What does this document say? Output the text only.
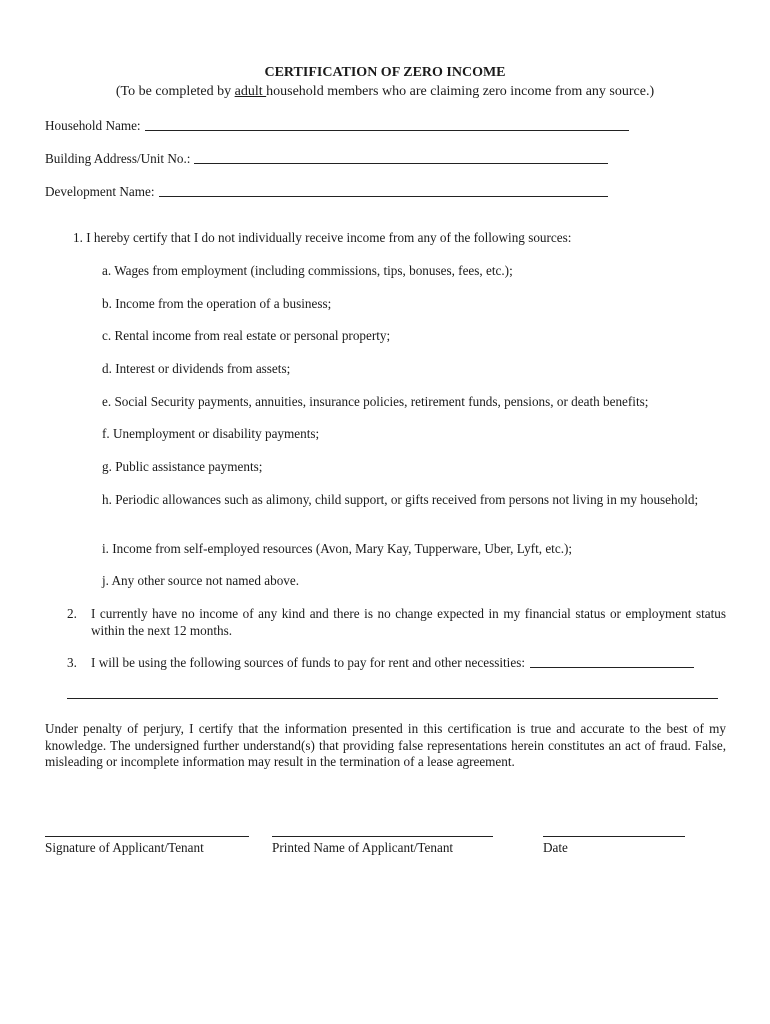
CERTIFICATION OF ZERO INCOME
(To be completed by adult household members who are claiming zero income from any source.)
Household Name:
Building Address/Unit No.:
Development Name:
1. I hereby certify that I do not individually receive income from any of the following sources:
a. Wages from employment (including commissions, tips, bonuses, fees, etc.);
b. Income from the operation of a business;
c. Rental income from real estate or personal property;
d. Interest or dividends from assets;
e. Social Security payments, annuities, insurance policies, retirement funds, pensions, or death benefits;
f. Unemployment or disability payments;
g. Public assistance payments;
h. Periodic allowances such as alimony, child support, or gifts received from persons not living in my household;
i. Income from self-employed resources (Avon, Mary Kay, Tupperware, Uber, Lyft, etc.);
j. Any other source not named above.
2. I currently have no income of any kind and there is no change expected in my financial status or employment status within the next 12 months.
3. I will be using the following sources of funds to pay for rent and other necessities:
Under penalty of perjury, I certify that the information presented in this certification is true and accurate to the best of my knowledge. The undersigned further understand(s) that providing false representations herein constitutes an act of fraud. False, misleading or incomplete information may result in the termination of a lease agreement.
Signature of Applicant/Tenant	Printed Name of Applicant/Tenant	Date
